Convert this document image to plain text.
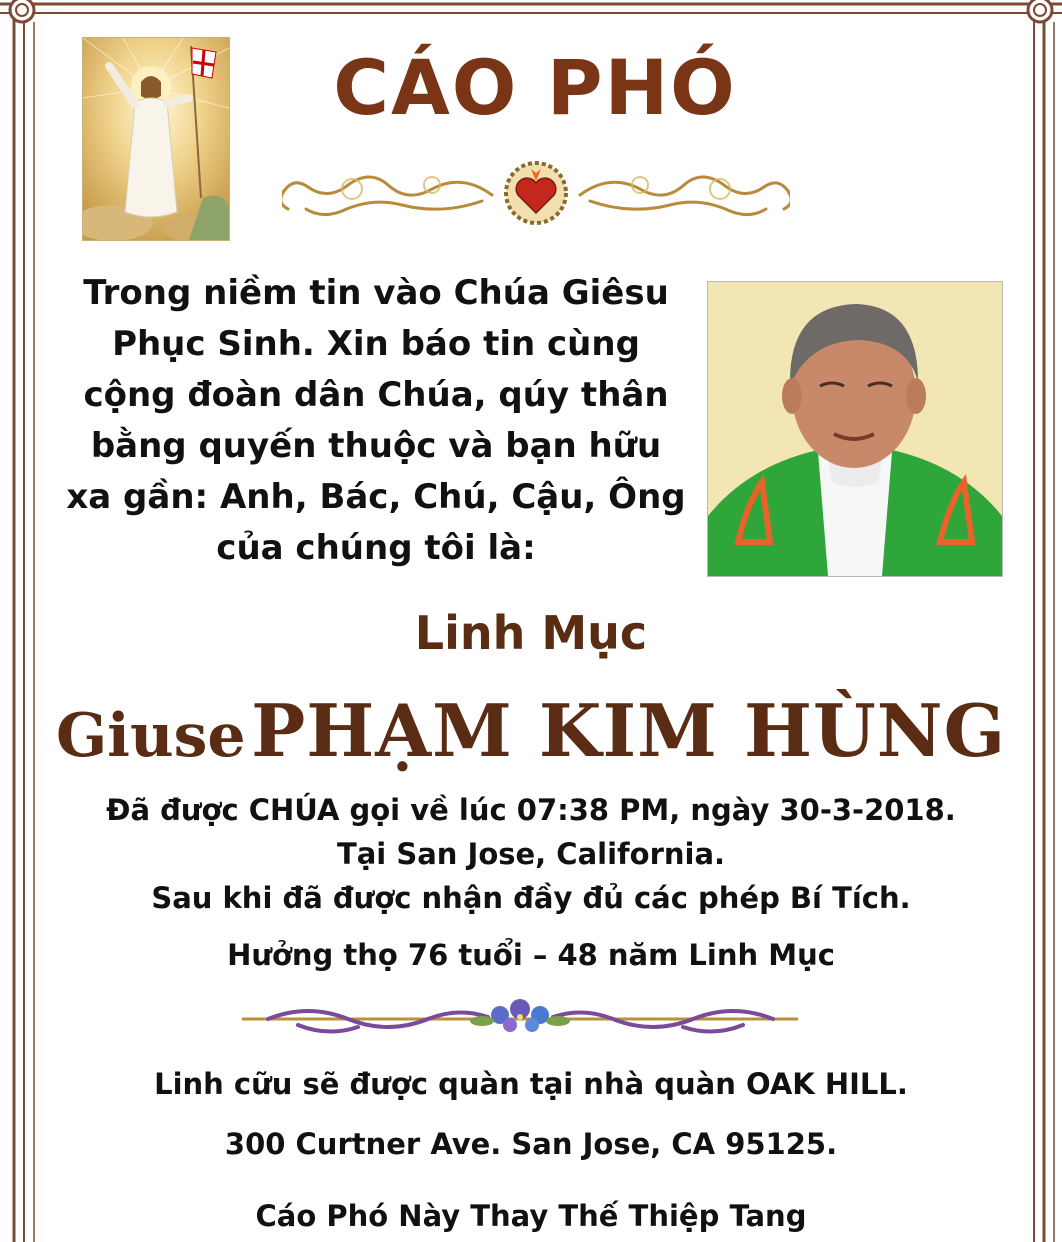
CÁO PHÓ
Trong niềm tin vào Chúa Giêsu
Phục Sinh. Xin báo tin cùng
cộng đoàn dân Chúa, qúy thân
bằng quyến thuộc và bạn hữu
xa gần: Anh, Bác, Chú, Cậu, Ông
của chúng tôi là:
Linh Mục
Giuse PHẠM KIM HÙNG
Đã được CHÚA gọi về lúc 07:38 PM, ngày 30-3-2018.
Tại San Jose, California.
Sau khi đã được nhận đầy đủ các phép Bí Tích.
Hưởng thọ 76 tuổi – 48 năm Linh Mục
Linh cữu sẽ được quàn tại nhà quàn OAK HILL.
300 Curtner Ave. San Jose, CA 95125.
Cáo Phó Này Thay Thế Thiệp Tang
